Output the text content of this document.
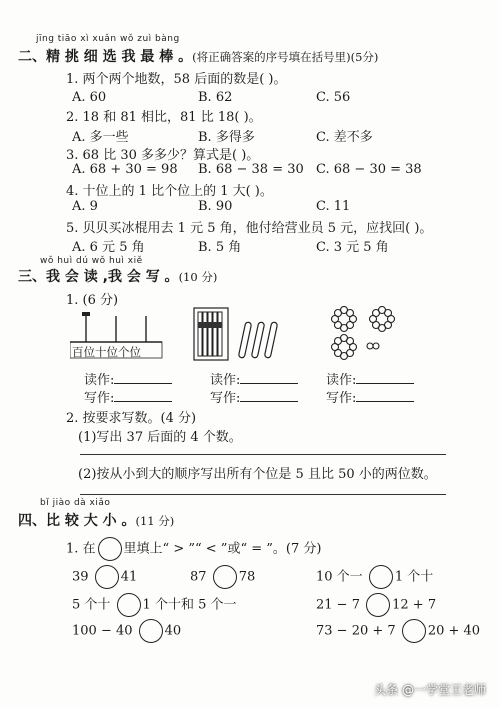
jīng tiāo xì xuǎn wǒ zuì bàng
二、精 挑 细 选 我 最 棒 。(将正确答案的序号填在括号里)(5分)
1. 两个两个地数，58 后面的数是( )。
A. 60	B. 62	C. 56
2. 18 和 81 相比，81 比 18( )。
A. 多一些	B. 多得多	C. 差不多
3. 68 比 30 多多少？算式是( )。
A. 68 + 30 = 98 B. 68 − 38 = 30 C. 68 − 30 = 38
4. 十位上的 1 比个位上的 1 大( )。
A. 9	B. 90	C. 11
5. 贝贝买冰棍用去 1 元 5 角，他付给营业员 5 元，应找回( )。
A. 6 元 5 角	B. 5 角	C. 3 元 5 角
wǒ huì dú wǒ huì xiě
三、我 会 读 ,我 会 写 。(10 分)
1. (6 分)
百位十位个位
读作:	读作:	读作:
写作:	写作:	写作:
2. 按要求写数。(4 分)
(1)写出 37 后面的 4 个数。
(2)按从小到大的顺序写出所有个位是 5 且比 50 小的两位数。
bǐ jiào dà xiǎo
四、比 较 大 小 。(11 分)
1. 在 里填上“ > ”“ < ”或“ = ”。(7 分)
39 41	87 78	10 个一 1 个十
5 个十 1 个十和 5 个一	21 − 7 12 + 7
100 − 40 40	73 − 20 + 7 20 + 40
头条 @一学堂王老师
